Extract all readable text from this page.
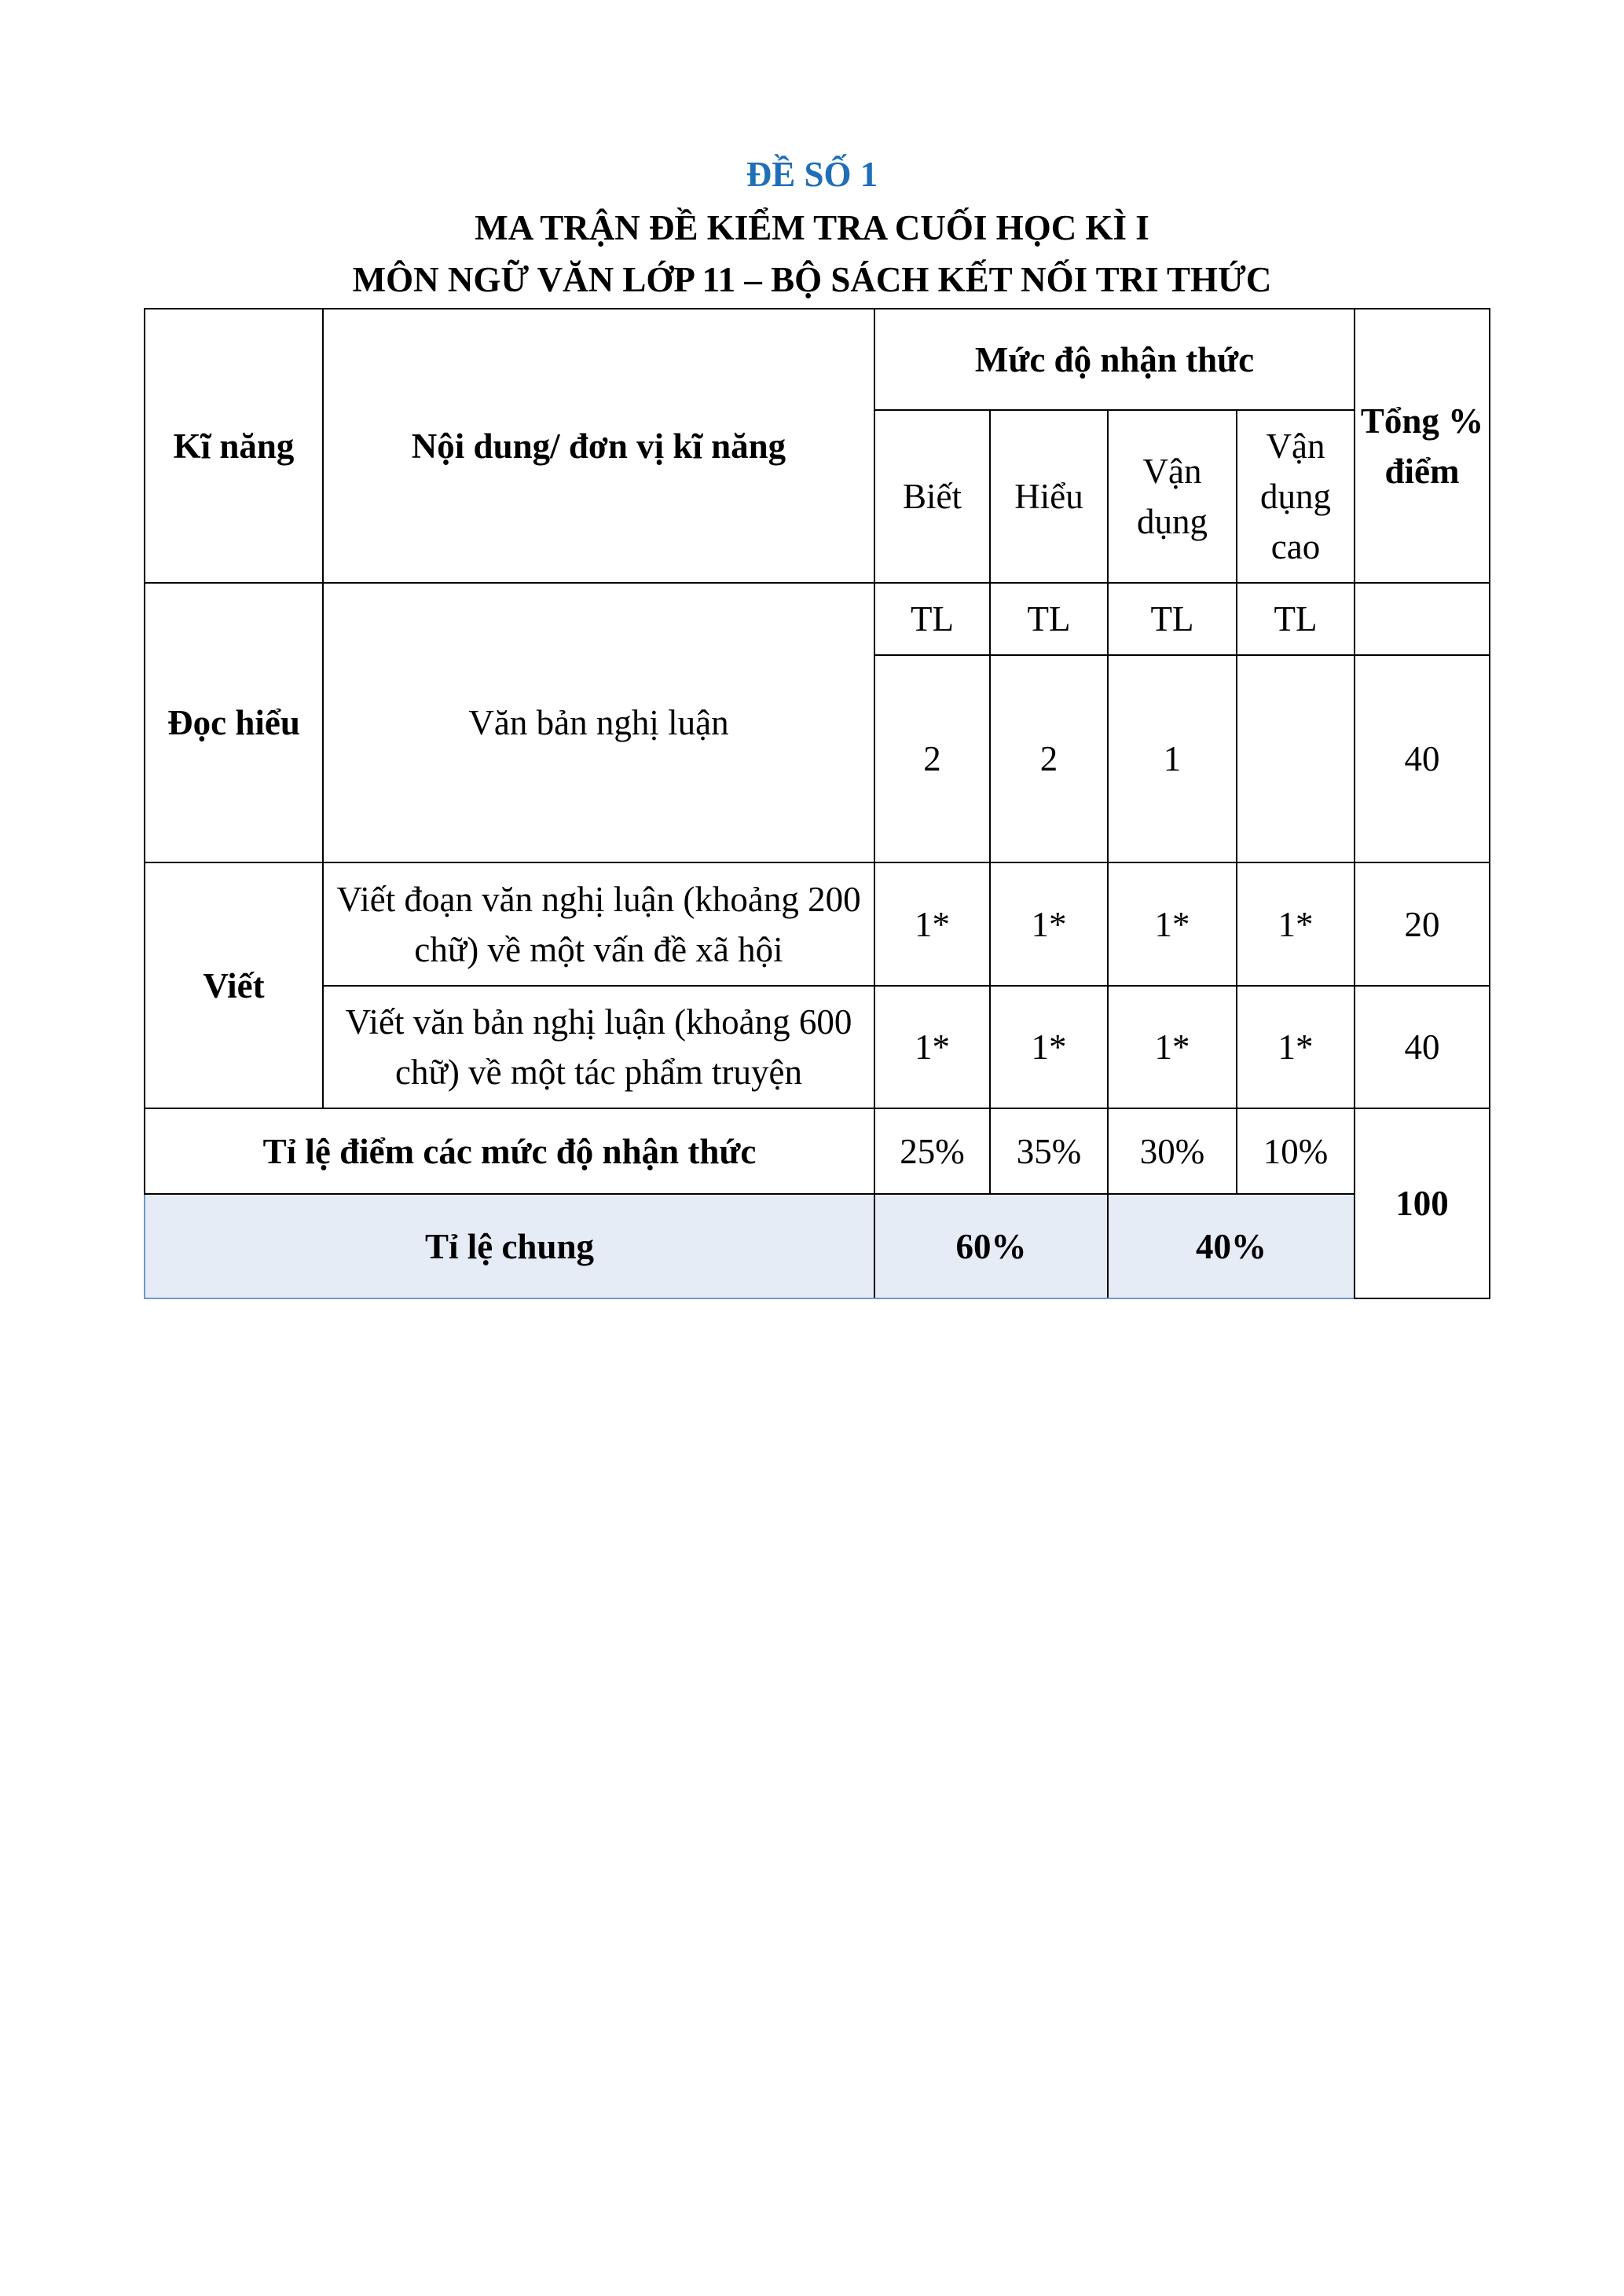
ĐỀ SỐ 1
MA TRẬN ĐỀ KIỂM TRA CUỐI HỌC KÌ I
MÔN NGỮ VĂN LỚP 11 – BỘ SÁCH KẾT NỐI TRI THỨC
Kĩ năng	Nội dung/ đơn vị kĩ năng	Mức độ nhận thức				Tổng % điểm
		Biết	Hiểu	Vận dụng	Vận dụng cao	
Đọc hiểu	Văn bản nghị luận	TL	TL	TL	TL	
		2	2	1		40
Viết	Viết đoạn văn nghị luận (khoảng 200 chữ) về một vấn đề xã hội	1*	1*	1*	1*	20
	Viết văn bản nghị luận (khoảng 600 chữ) về một tác phẩm truyện	1*	1*	1*	1*	40
Tỉ lệ điểm các mức độ nhận thức		25%	35%	30%	10%	100
Tỉ lệ chung		60%		40%		
